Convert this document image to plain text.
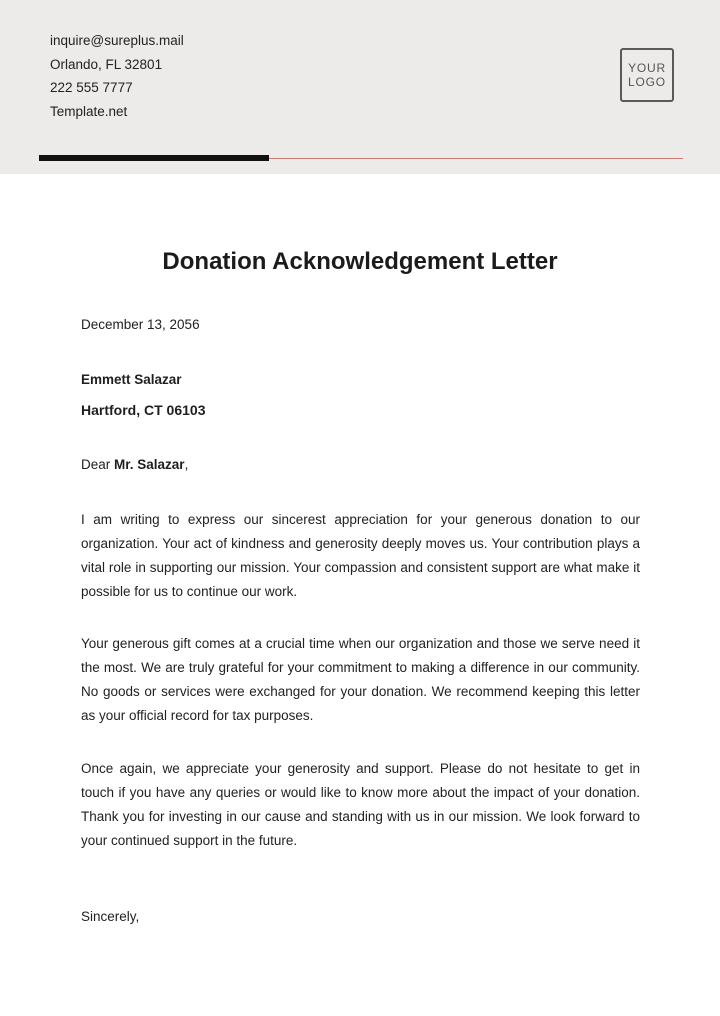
inquire@sureplus.mail
Orlando, FL 32801
222 555 7777
Template.net
YOUR
LOGO
Donation Acknowledgement Letter
December 13, 2056
Emmett Salazar
Hartford, CT 06103
Dear Mr. Salazar,
I am writing to express our sincerest appreciation for your generous donation to our organization. Your act of kindness and generosity deeply moves us. Your contribution plays a vital role in supporting our mission. Your compassion and consistent support are what make it possible for us to continue our work.
Your generous gift comes at a crucial time when our organization and those we serve need it the most. We are truly grateful for your commitment to making a difference in our community. No goods or services were exchanged for your donation. We recommend keeping this letter as your official record for tax purposes.
Once again, we appreciate your generosity and support. Please do not hesitate to get in touch if you have any queries or would like to know more about the impact of your donation. Thank you for investing in our cause and standing with us in our mission. We look forward to your continued support in the future.
Sincerely,
